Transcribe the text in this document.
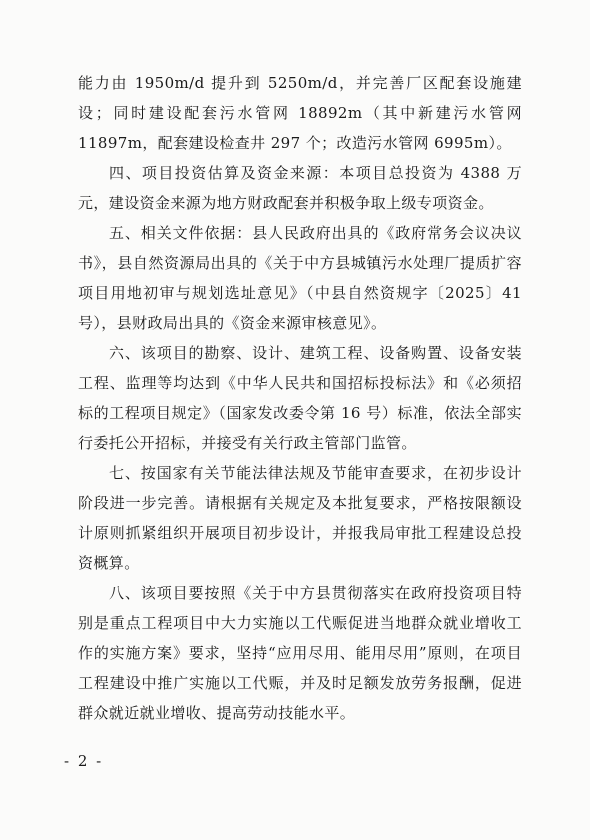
能力由 1950m/d 提升到 5250m/d，并完善厂区配套设施建设；同时建设配套污水管网 18892m（其中新建污水管网 11897m，配套建设检查井 297 个；改造污水管网 6995m）。

四、项目投资估算及资金来源：本项目总投资为 4388 万元，建设资金来源为地方财政配套并积极争取上级专项资金。

五、相关文件依据：县人民政府出具的《政府常务会议决议书》，县自然资源局出具的《关于中方县城镇污水处理厂提质扩容项目用地初审与规划选址意见》（中县自然资规字〔2025〕41号），县财政局出具的《资金来源审核意见》。

六、该项目的勘察、设计、建筑工程、设备购置、设备安装工程、监理等均达到《中华人民共和国招标投标法》和《必须招标的工程项目规定》（国家发改委令第 16 号）标准，依法全部实行委托公开招标，并接受有关行政主管部门监管。

七、按国家有关节能法律法规及节能审查要求，在初步设计阶段进一步完善。请根据有关规定及本批复要求，严格按限额设计原则抓紧组织开展项目初步设计，并报我局审批工程建设总投资概算。

八、该项目要按照《关于中方县贯彻落实在政府投资项目特别是重点工程项目中大力实施以工代赈促进当地群众就业增收工作的实施方案》要求，坚持“应用尽用、能用尽用”原则，在项目工程建设中推广实施以工代赈，并及时足额发放劳务报酬，促进群众就近就业增收、提高劳动技能水平。

- 2 -
